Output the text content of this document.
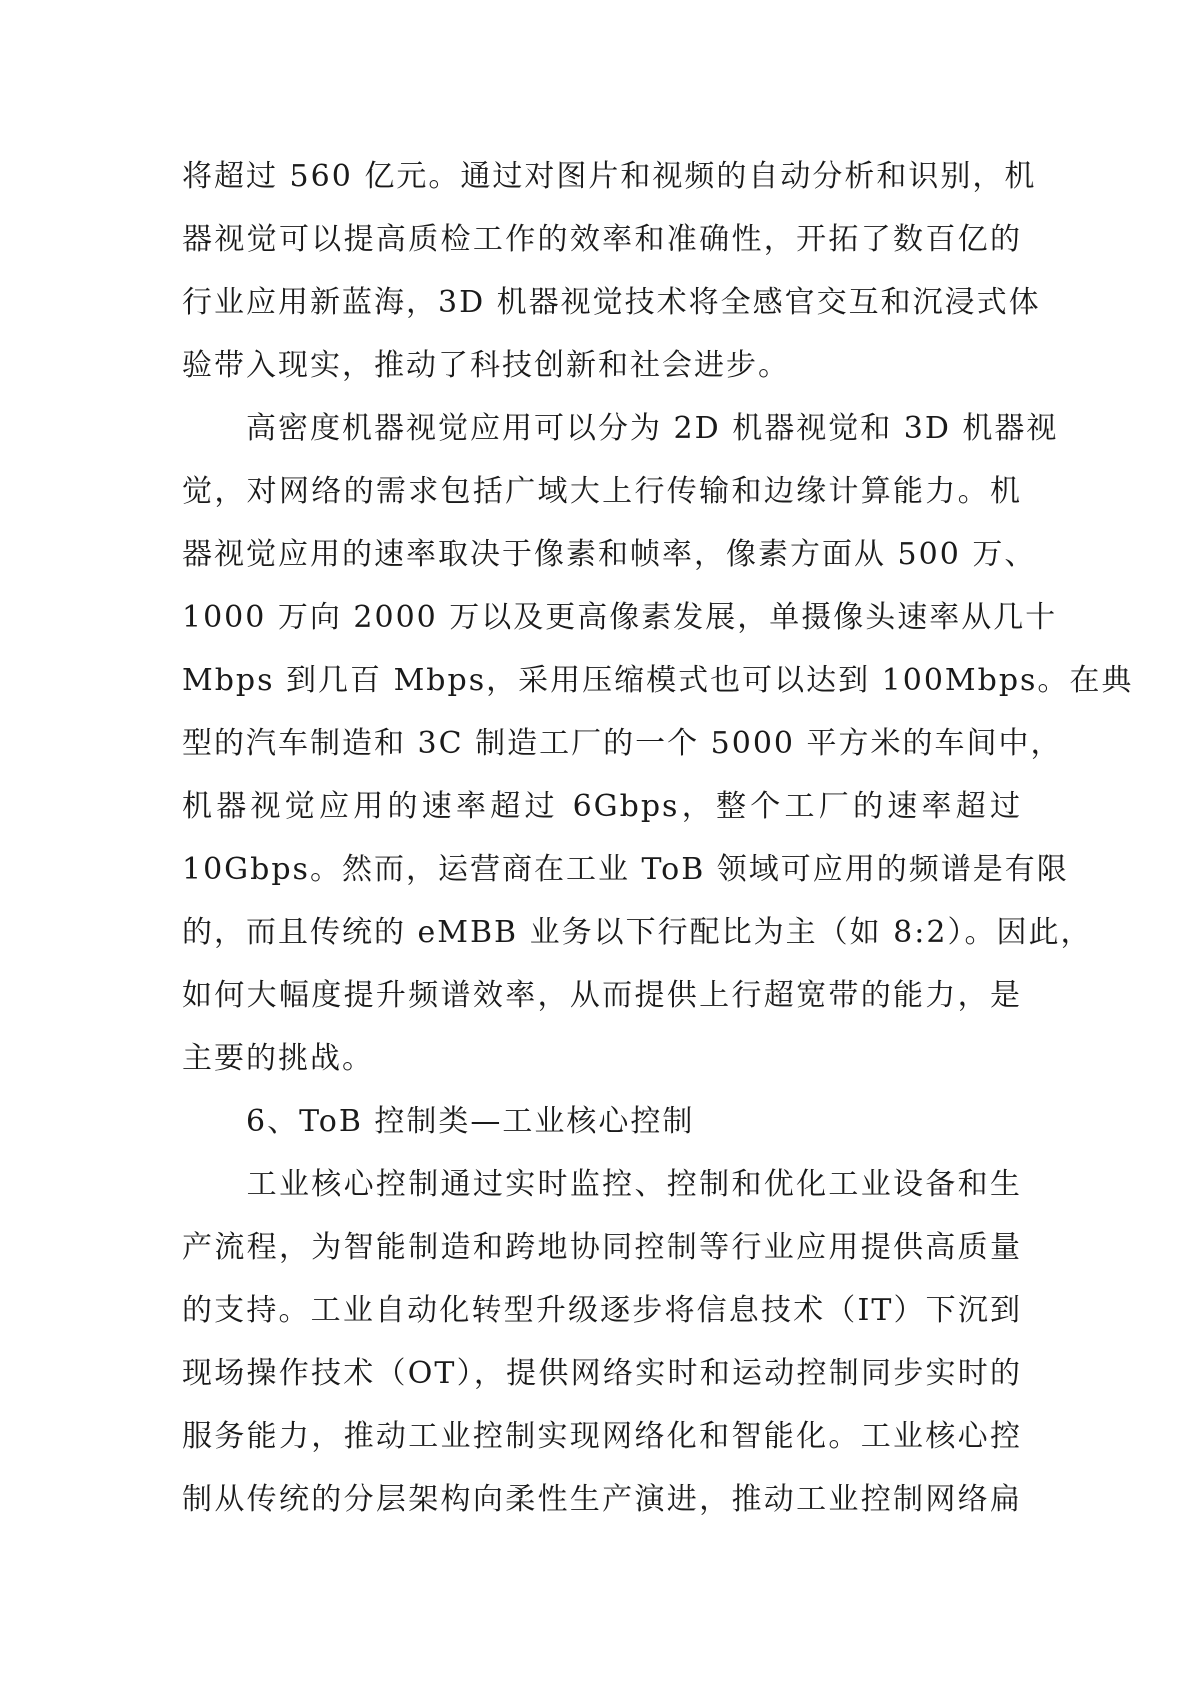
将超过 560 亿元。通过对图片和视频的自动分析和识别，机
器视觉可以提高质检工作的效率和准确性，开拓了数百亿的
行业应用新蓝海，3D 机器视觉技术将全感官交互和沉浸式体
验带入现实，推动了科技创新和社会进步。
　　高密度机器视觉应用可以分为 2D 机器视觉和 3D 机器视
觉，对网络的需求包括广域大上行传输和边缘计算能力。机
器视觉应用的速率取决于像素和帧率，像素方面从 500 万、
1000 万向 2000 万以及更高像素发展，单摄像头速率从几十
Mbps 到几百 Mbps，采用压缩模式也可以达到 100Mbps。在典
型的汽车制造和 3C 制造工厂的一个 5000 平方米的车间中，
机器视觉应用的速率超过 6Gbps，整个工厂的速率超过
10Gbps。然而，运营商在工业 ToB 领域可应用的频谱是有限
的，而且传统的 eMBB 业务以下行配比为主（如 8:2）。因此，
如何大幅度提升频谱效率，从而提供上行超宽带的能力，是
主要的挑战。
　　6、ToB 控制类—工业核心控制
　　工业核心控制通过实时监控、控制和优化工业设备和生
产流程，为智能制造和跨地协同控制等行业应用提供高质量
的支持。工业自动化转型升级逐步将信息技术（IT）下沉到
现场操作技术（OT），提供网络实时和运动控制同步实时的
服务能力，推动工业控制实现网络化和智能化。工业核心控
制从传统的分层架构向柔性生产演进，推动工业控制网络扁
